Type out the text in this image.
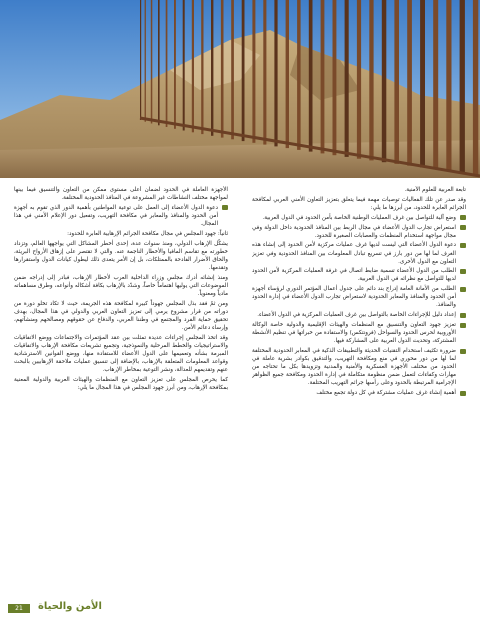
تابعة العربية للعلوم الأمنية.

وقد صدر عن تلك الفعاليات توصيات مهمة فيما يتعلق بتعزيز التعاون الأمني العربي لمكافحة الجرائم العابرة للحدود، من أبرزها ما يلي:

وضع آلية للتواصل بين غرف العمليات الوطنية الخاصة بأمن الحدود في الدول العربية.

استعراض تجارب الدول الأعضاء في مجال الربط بين المنافذ الحدودية داخل الدولة وفي مجال مواجهة استخدام المنظمات والعصابات الصغيرة للحدود.

دعوة الدول الأعضاء التي ليست لديها غرف عمليات مركزية لأمن الحدود إلى إنشاء هذه الغرف لما لها من دور بارز في تسريع تبادل المعلومات بين المنافذ الحدودية وفي تعزيز التعاون مع الدول الأخرى.

الطلب من الدول الأعضاء تسمية ضابط اتصال في غرفة العمليات المركزية لأمن الحدود لديها للتواصل مع نظرائه في الدول العربية.

الطلب من الأمانة العامة إدراج بند دائم على جدول أعمال المؤتمر الدوري لرؤساء أجهزة أمن الحدود والمنافذ والمعابر الحدودية لاستعراض تجارب الدول الأعضاء في إدارة الحدود والمنافذ.

إعداد دليل للإجراءات الخاصة بالتواصل بين غرف العمليات المركزية في الدول الأعضاء.

تعزيز جهود التعاون والتنسيق مع المنظمات والهيئات الإقليمية والدولية خاصة الوكالة الأوروبية لحرس الحدود والسواحل (فرونتكس) والاستفادة من خبراتها في تنظيم الأنشطة المشتركة، وتحديث الدول العربية على المشاركة فيها.

ضرورة تكثيف استخدام التقنيات الحديثة والتطبيقات الذكية في المعابر الحدودية المختلفة لما لها من دور محوري في منع ومكافحة التهريب، والتدقيق بكوادر بشرية عاملة في الحدود من مختلف الأجهزة العسكرية والأمنية والمدنية وتزويدها بكل ما تحتاجه من مهارات وكفاءات لتعمل ضمن منظومة متكاملة في إدارة الحدود ومكافحة جميع الظواهر الإجرامية المرتبطة بالحدود وعلى رأسها جرائم التهريب المختلفة.

أهمية إنشاء غرف عمليات مشتركة في كل دولة تجمع مختلف

الأجهزة العاملة في الحدود لضمان أعلى مستوى ممكن من التعاون والتنسيق فيما بينها لمواجهة مختلف النشاطات غير المشروعة في المنافذ الحدودية المختلفة.

دعوة الدول الأعضاء إلى العمل على توعية المواطنين بأهمية الدور الذي تقوم به أجهزة أمن الحدود والمنافذ والمعابر في مكافحة التهريب، وتفعيل دور الإعلام الأمني في هذا المجال.

ثانياً: جهود المجلس في مجال مكافحة الجرائم الإرهابية العابرة للحدود:

يشكّل الإرهاب الدولي، ومنذ سنوات عدة، إحدى أخطر المشاكل التي يواجهها العالم، وتزداد خطورته مع تقاسم المافيا والأخطار الناجمة عنه. والتي لا تقتصر على إزهاق الأرواح البريئة، والحاق الأضرار الفادحة بالممتلكات، بل إن الأمر يتعدى ذلك ليطول كيانات الدول واستقرارها وتقدمها.

ومنذ إنشائه أدرك مجلس وزراء الداخلية العرب لأخطار الإرهاب، فبادر إلى إدراجه ضمن الموضوعات التي يوليها اهتماماً خاصاً، وشدّد بالإرهاب بكافة أشكاله وأنواعه، وطرق مساهماته مادياً ومعنوياً.

ومن ثمّ فقد بذل المجلس جهوداً كبيرة لمكافحة هذه الجريمة، حيث لا تكاد تخلو دورة من دوراته من قرار مشروع يرمي إلى تعزيز التعاون العربي والدولي في هذا المجال، بهدف تحقيق حماية الفرد والمجتمع في وطننا العربي، والدفاع عن حقوقهم ومصالحهم ومنشآتهم، وإرساء دعائم الأمن.

وقد اتخذ المجلس إجراءات عديدة تمثلت بين عقد المؤتمرات والاجتماعات ووضع الاتفاقيات والاستراتيجيات والخطط المرحلية والنموذجية، وتجميع تشريعات مكافحة الإرهاب والاتفاقيات المبرمة بشأنه وتعميمها على الدول الأعضاء للاستفادة منها، ووضع القوانين الاسترشادية وقواعد المعلومات المتعلقة بالإرهاب، بالإضافة إلى تنسيق عمليات ملاحقة الإرهابيين بالبحث عنهم وتقديمهم للعدالة، ونشر التوعية بمخاطر الإرهاب.

كما يحرص المجلس على تعزيز التعاون مع المنظمات والهيئات العربية والدولية المعنية بمكافحة الإرهاب، ومن أبرز جهود المجلس في هذا المجال ما يلي:

21	الأمن والحياة
